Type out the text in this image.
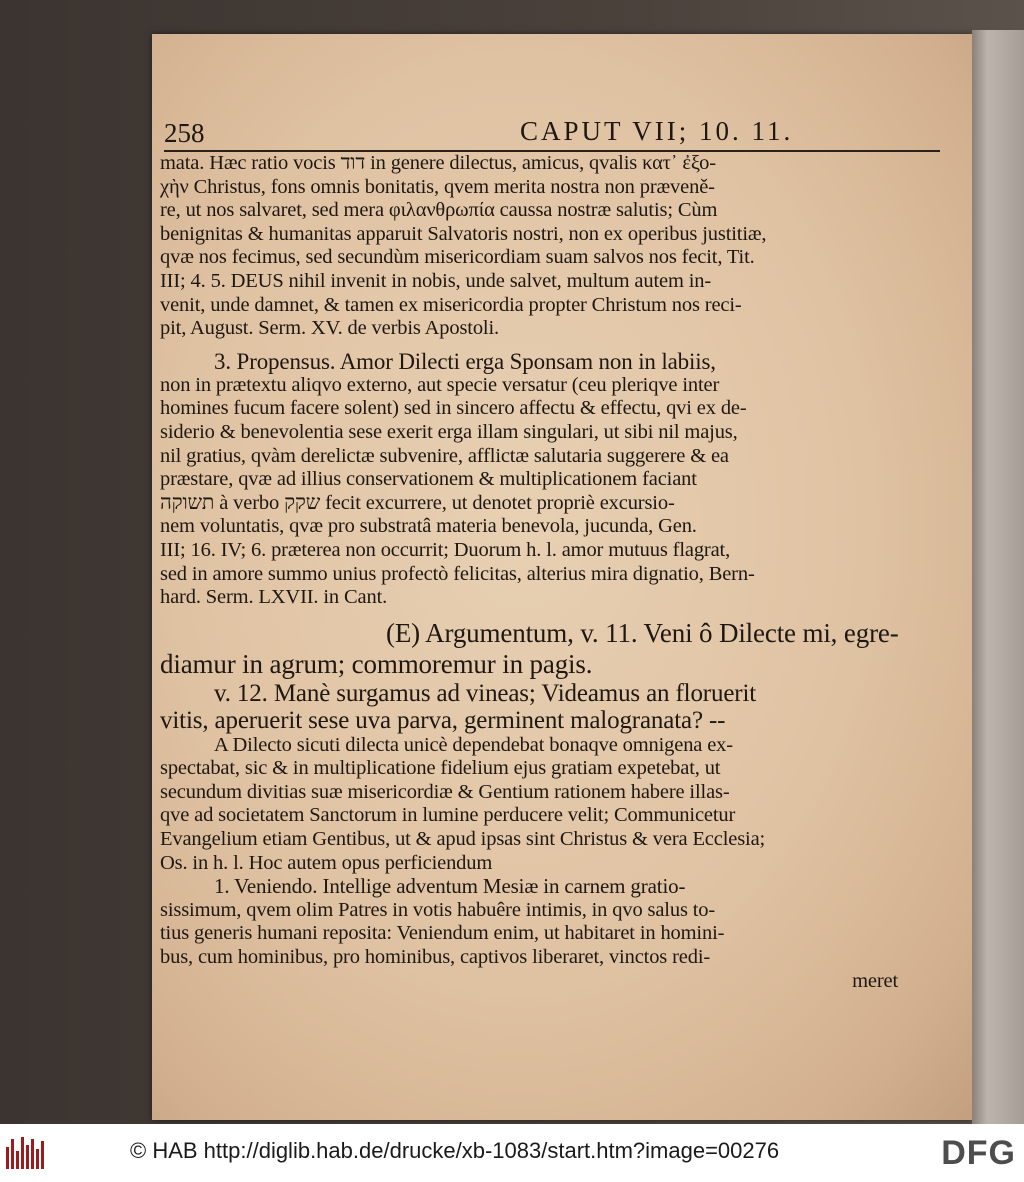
258	CAPUT VII; 10. 11.
mata. Hæc ratio vocis דוד in genere dilectus, amicus, qvalis κατ᾽ ἐξο-
χὴν Christus, fons omnis bonitatis, qvem merita nostra non præveně-
re, ut nos salvaret, sed mera φιλανθρωπία caussa nostræ salutis; Cùm
benignitas & humanitas apparuit Salvatoris nostri, non ex operibus justitiæ,
qvæ nos fecimus, sed secundùm misericordiam suam salvos nos fecit, Tit.
III; 4. 5. DEUS nihil invenit in nobis, unde salvet, multum autem in-
venit, unde damnet, & tamen ex misericordia propter Christum nos reci-
pit, August. Serm. XV. de verbis Apostoli.
3. Propensus. Amor Dilecti erga Sponsam non in labiis,
non in prætextu aliqvo externo, aut specie versatur (ceu pleriqve inter
homines fucum facere solent) sed in sincero affectu & effectu, qvi ex de-
siderio & benevolentia sese exerit erga illam singulari, ut sibi nil majus,
nil gratius, qvàm derelictæ subvenire, afflictæ salutaria suggerere & ea
præstare, qvæ ad illius conservationem & multiplicationem faciant
תשוקה à verbo שקק fecit excurrere, ut denotet propriè excursio-
nem voluntatis, qvæ pro substratâ materia benevola, jucunda, Gen.
III; 16. IV; 6. præterea non occurrit; Duorum h. l. amor mutuus flagrat,
sed in amore summo unius profectò felicitas, alterius mira dignatio, Bern-
hard. Serm. LXVII. in Cant.
(E) Argumentum, v. 11. Veni ô Dilecte mi, egre-
diamur in agrum; commoremur in pagis.
v. 12. Manè surgamus ad vineas; Videamus an floruerit
vitis, aperuerit sese uva parva, germinent malogranata? --
A Dilecto sicuti dilecta unicè dependebat bonaqve omnigena ex-
spectabat, sic & in multiplicatione fidelium ejus gratiam expetebat, ut
secundum divitias suæ misericordiæ & Gentium rationem habere illas-
qve ad societatem Sanctorum in lumine perducere velit; Communicetur
Evangelium etiam Gentibus, ut & apud ipsas sint Christus & vera Ecclesia;
Os. in h. l. Hoc autem opus perficiendum
1. Veniendo. Intellige adventum Mesiæ in carnem gratio-
sissimum, qvem olim Patres in votis habuêre intimis, in qvo salus to-
tius generis humani reposita: Veniendum enim, ut habitaret in homini-
bus, cum hominibus, pro hominibus, captivos liberaret, vinctos redi-
meret
© HAB http://diglib.hab.de/drucke/xb-1083/start.htm?image=00276	DFG
